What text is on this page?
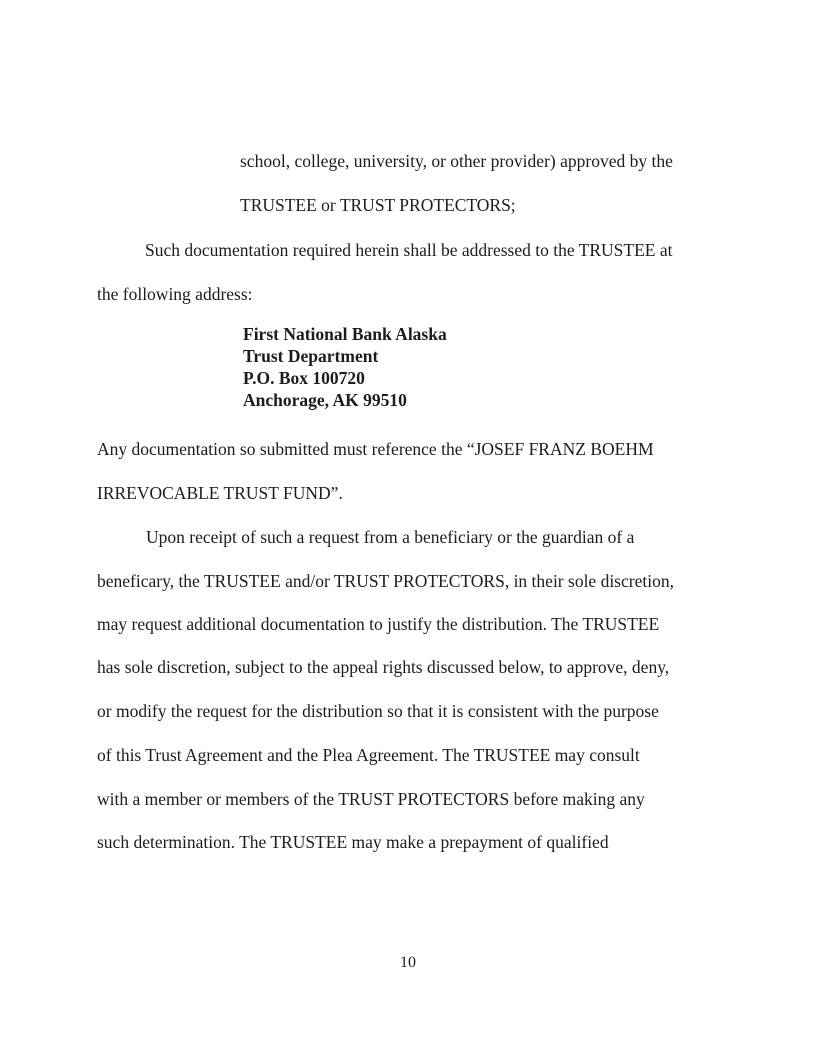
school, college, university, or other provider) approved by the

TRUSTEE or TRUST PROTECTORS;

Such documentation required herein shall be addressed to the TRUSTEE at

the following address:

First National Bank Alaska
Trust Department
P.O. Box 100720
Anchorage, AK 99510

Any documentation so submitted must reference the “JOSEF FRANZ BOEHM

IRREVOCABLE TRUST FUND”.

Upon receipt of such a request from a beneficiary or the guardian of a

beneficary, the TRUSTEE and/or TRUST PROTECTORS, in their sole discretion,

may request additional documentation to justify the distribution. The TRUSTEE

has sole discretion, subject to the appeal rights discussed below, to approve, deny,

or modify the request for the distribution so that it is consistent with the purpose

of this Trust Agreement and the Plea Agreement. The TRUSTEE may consult

with a member or members of the TRUST PROTECTORS before making any

such determination. The TRUSTEE may make a prepayment of qualified

10
